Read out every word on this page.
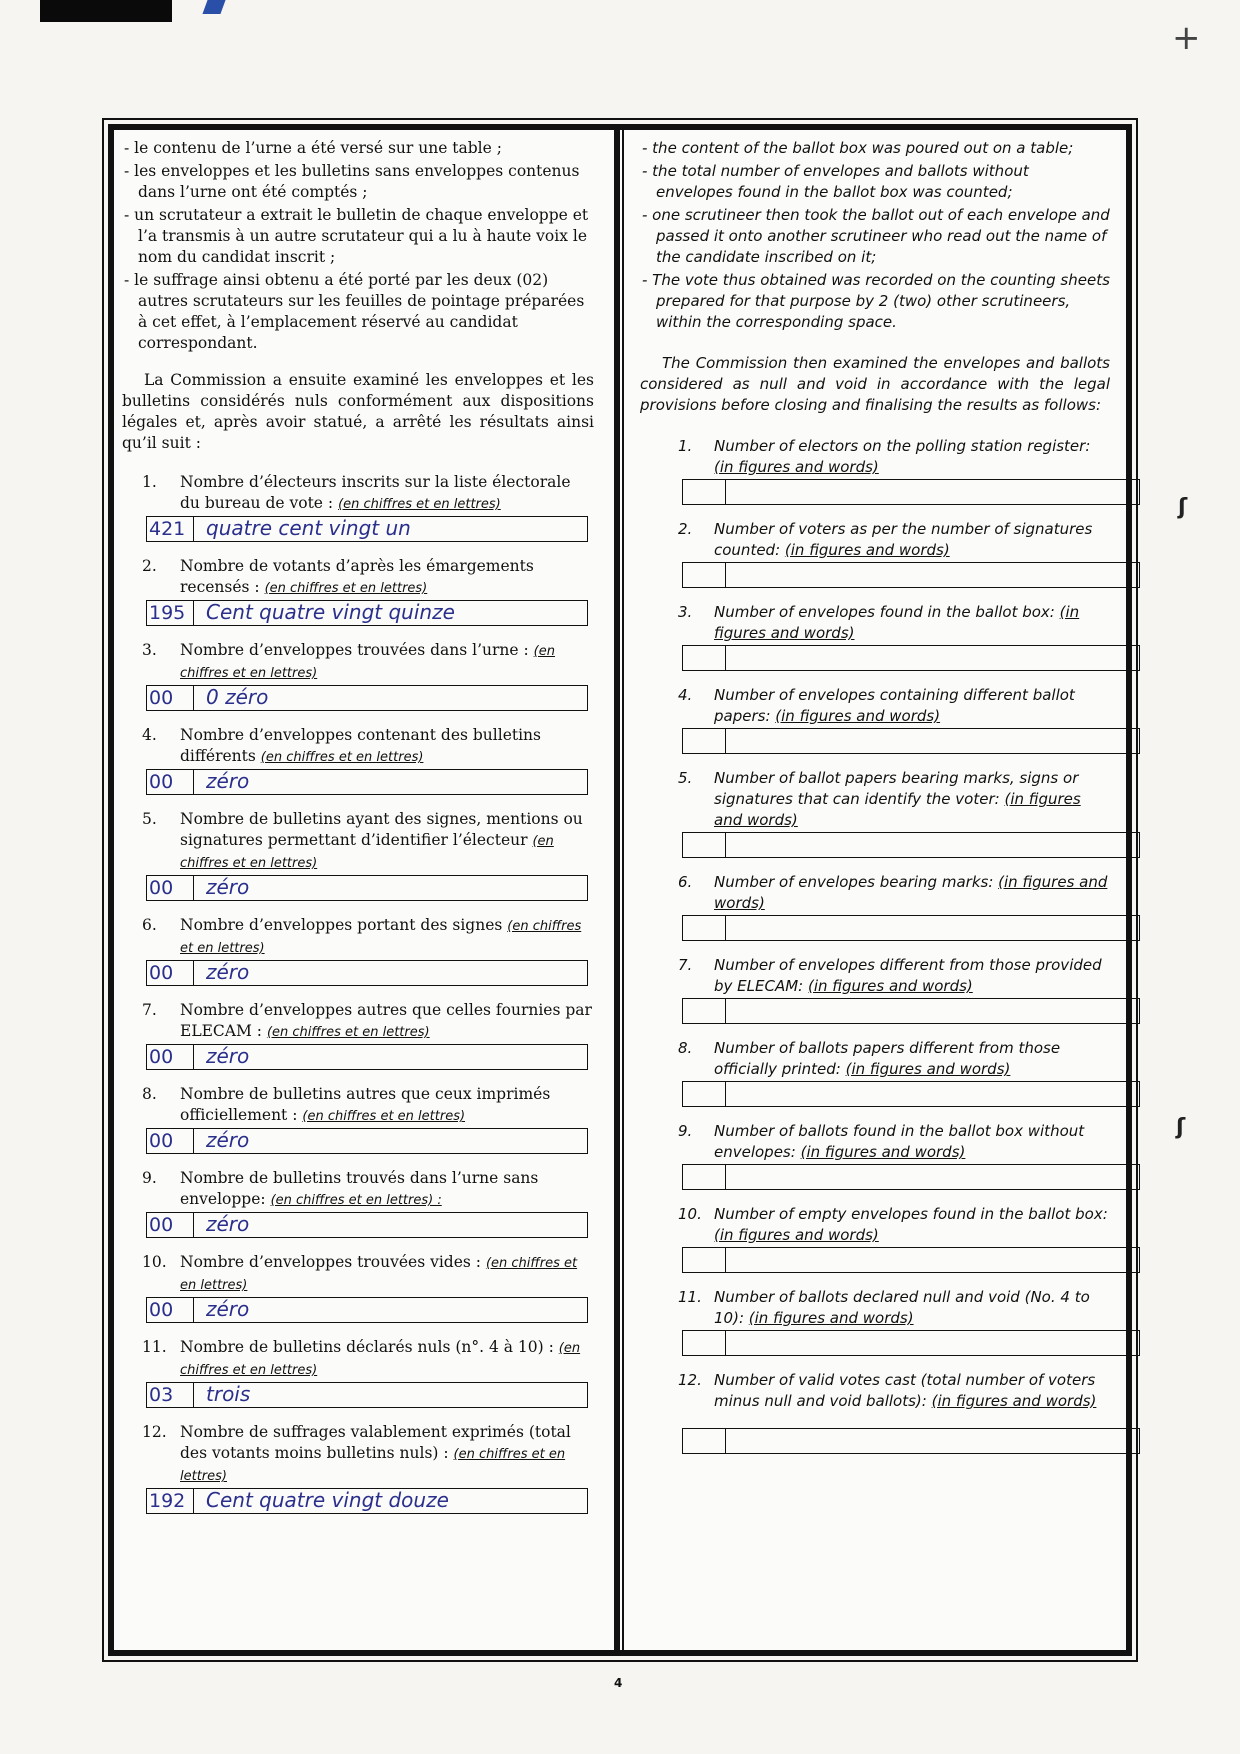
+
ʃ
ʃ

- le contenu de l’urne a été versé sur une table ;

- les enveloppes et les bulletins sans enveloppes contenus dans l’urne ont été comptés ;

- un scrutateur a extrait le bulletin de chaque enveloppe et l’a transmis à un autre scrutateur qui a lu à haute voix le nom du candidat inscrit ;

- le suffrage ainsi obtenu a été porté par les deux (02) autres scrutateurs sur les feuilles de pointage préparées à cet effet, à l’emplacement réservé au candidat correspondant.

La Commission a ensuite examiné les enveloppes et les bulletins considérés nuls conformément aux dispositions légales et, après avoir statué, a arrêté les résultats ainsi qu’il suit :

1. Nombre d’électeurs inscrits sur la liste électorale du bureau de vote : (en chiffres et en lettres)
421	quatre cent vingt un
2. Nombre de votants d’après les émargements recensés : (en chiffres et en lettres)
195	Cent quatre vingt quinze
3. Nombre d’enveloppes trouvées dans l’urne : (en chiffres et en lettres)
00	0 zéro
4. Nombre d’enveloppes contenant des bulletins différents (en chiffres et en lettres)
00	zéro
5. Nombre de bulletins ayant des signes, mentions ou signatures permettant d’identifier l’électeur (en chiffres et en lettres)
00	zéro
6. Nombre d’enveloppes portant des signes (en chiffres et en lettres)
00	zéro
7. Nombre d’enveloppes autres que celles fournies par ELECAM : (en chiffres et en lettres)
00	zéro
8. Nombre de bulletins autres que ceux imprimés officiellement : (en chiffres et en lettres)
00	zéro
9. Nombre de bulletins trouvés dans l’urne sans enveloppe: (en chiffres et en lettres) :
00	zéro
10. Nombre d’enveloppes trouvées vides : (en chiffres et en lettres)
00	zéro
11. Nombre de bulletins déclarés nuls (n°. 4 à 10) : (en chiffres et en lettres)
03	trois
12. Nombre de suffrages valablement exprimés (total des votants moins bulletins nuls) : (en chiffres et en lettres)
192	Cent quatre vingt douze

- the content of the ballot box was poured out on a table;

- the total number of envelopes and ballots without envelopes found in the ballot box was counted;

- one scrutineer then took the ballot out of each envelope and passed it onto another scrutineer who read out the name of the candidate inscribed on it;

- The vote thus obtained was recorded on the counting sheets prepared for that purpose by 2 (two) other scrutineers, within the corresponding space.

The Commission then examined the envelopes and ballots considered as null and void in accordance with the legal provisions before closing and finalising the results as follows:

1. Number of electors on the polling station register: (in figures and words)
2. Number of voters as per the number of signatures counted: (in figures and words)
3. Number of envelopes found in the ballot box: (in figures and words)
4. Number of envelopes containing different ballot papers: (in figures and words)
5. Number of ballot papers bearing marks, signs or signatures that can identify the voter: (in figures and words)
6. Number of envelopes bearing marks: (in figures and words)
7. Number of envelopes different from those provided by ELECAM: (in figures and words)
8. Number of ballots papers different from those officially printed: (in figures and words)
9. Number of ballots found in the ballot box without envelopes: (in figures and words)
10. Number of empty envelopes found in the ballot box: (in figures and words)
11. Number of ballots declared null and void (No. 4 to 10): (in figures and words)
12. Number of valid votes cast (total number of voters minus null and void ballots): (in figures and words)
4
